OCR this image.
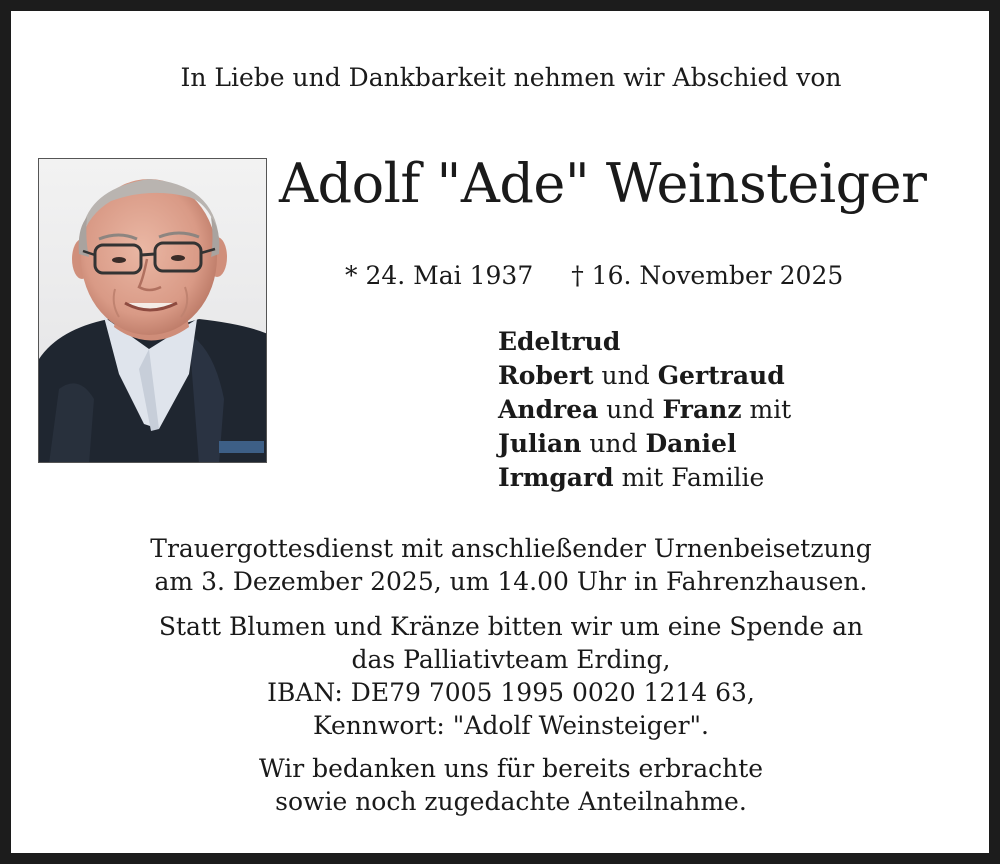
In Liebe und Dankbarkeit nehmen wir Abschied von
Adolf "Ade" Weinsteiger
* 24. Mai 1937 † 16. November 2025
Edeltrud
Robert und Gertraud
Andrea und Franz mit
Julian und Daniel
Irmgard mit Familie
Trauergottesdienst mit anschließender Urnenbeisetzung
am 3. Dezember 2025, um 14.00 Uhr in Fahrenzhausen.
Statt Blumen und Kränze bitten wir um eine Spende an
das Palliativteam Erding,
IBAN: DE79 7005 1995 0020 1214 63,
Kennwort: "Adolf Weinsteiger".
Wir bedanken uns für bereits erbrachte
sowie noch zugedachte Anteilnahme.
